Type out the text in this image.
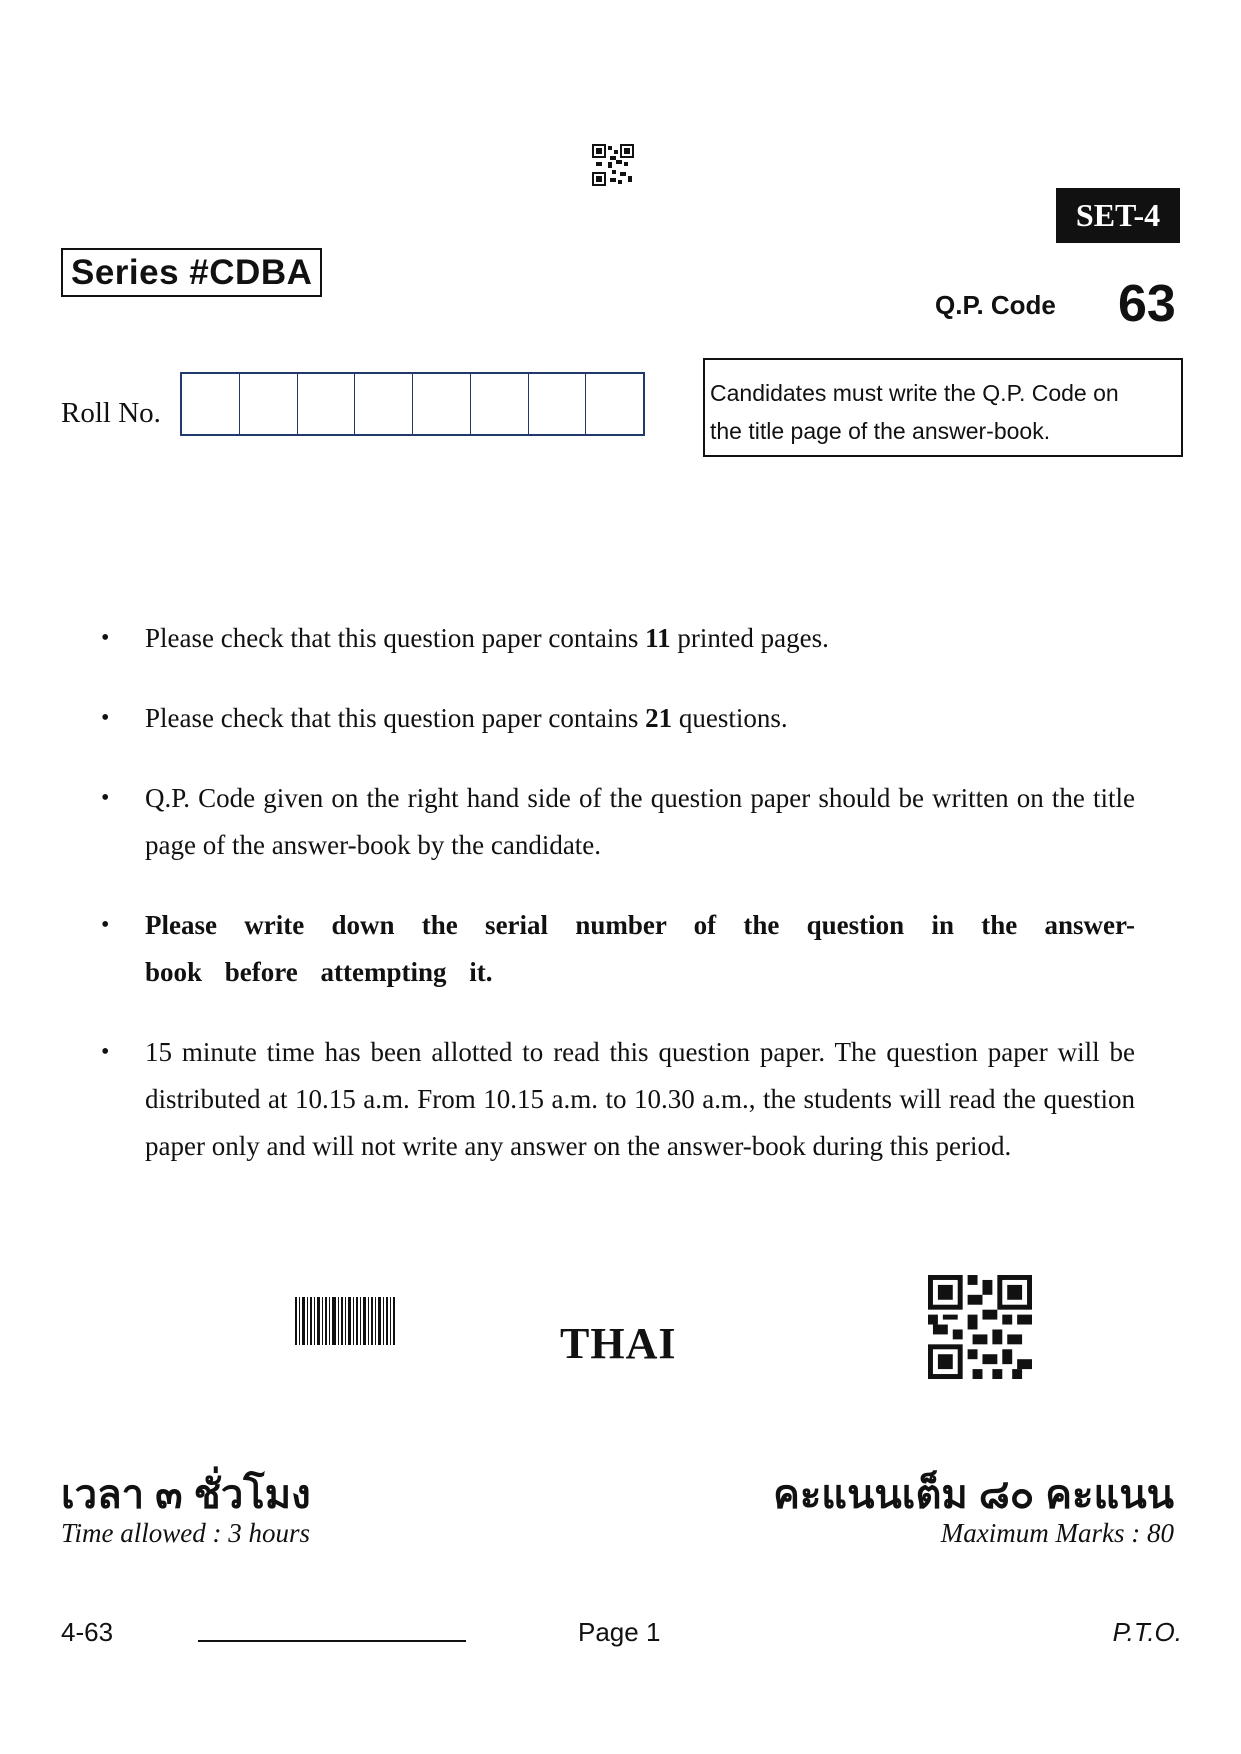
SET-4
Series #CDBA
Q.P. Code 63
Roll No.
Candidates must write the Q.P. Code on
the title page of the answer-book.
• Please check that this question paper contains 11 printed pages.
• Please check that this question paper contains 21 questions.
• Q.P. Code given on the right hand side of the question paper should be written on the title page of the answer-book by the candidate.
• Please write down the serial number of the question in the answer-book before attempting it.
• 15 minute time has been allotted to read this question paper. The question paper will be distributed at 10.15 a.m. From 10.15 a.m. to 10.30 a.m., the students will read the question paper only and will not write any answer on the answer-book during this period.
THAI
เวลา ๓ ชั่วโมง	คะแนนเต็ม ๘๐ คะแนน
Time allowed : 3 hours	Maximum Marks : 80
4-63	Page 1	P.T.O.
